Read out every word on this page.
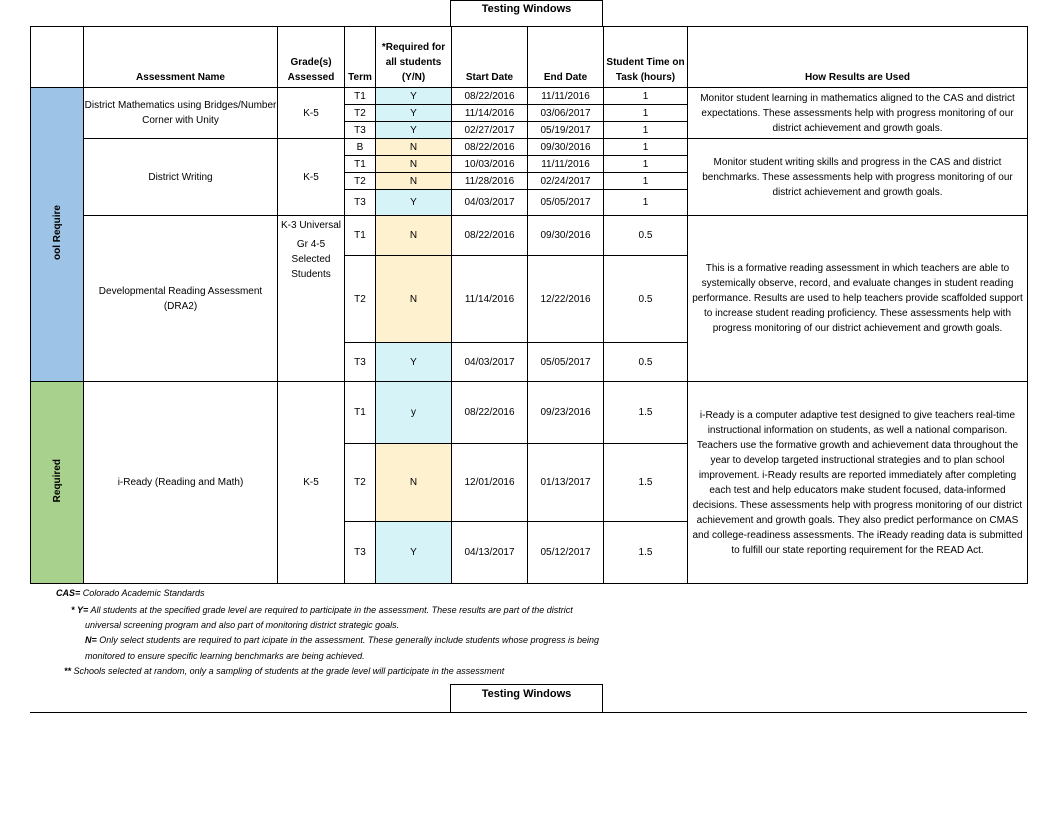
Testing Windows
	Assessment Name	Grade(s) Assessed	Term	*Required for all students (Y/N)	Start Date	End Date	Student Time on Task (hours)	How Results are Used
ool Require	District Mathematics using Bridges/Number Corner with Unity	K-5	T1	Y	08/22/2016	11/11/2016	1	Monitor student learning in mathematics aligned to the CAS and district expectations. These assessments help with progress monitoring of our district achievement and growth goals.

			T2	Y	11/14/2016	03/06/2017	1	
			T3	Y	02/27/2017	05/19/2017	1	
	District Writing	K-5	B	N	08/22/2016	09/30/2016	1	Monitor student writing skills and progress in the CAS and district benchmarks. These assessments help with progress monitoring of our district achievement and growth goals.

			T1	N	10/03/2016	11/11/2016	1	
			T2	N	11/28/2016	02/24/2017	1	
			T3	Y	04/03/2017	05/05/2017	1	
	Developmental Reading Assessment (DRA2)	K-3 Universal
Gr 4-5 Selected Students	T1	N	08/22/2016	09/30/2016	0.5	This is a formative reading assessment in which teachers are able to systemically observe, record, and evaluate changes in student reading performance. Results are used to help teachers provide scaffolded support to increase student reading proficiency. These assessments help with progress monitoring of our district achievement and growth goals.

			T2	N	11/14/2016	12/22/2016	0.5	
			T3	Y	04/03/2017	05/05/2017	0.5	
Required	i-Ready (Reading and Math)	K-5	T1	y	08/22/2016	09/23/2016	1.5	i-Ready is a computer adaptive test designed to give teachers real-time instructional information on students, as well a national comparison. Teachers use the formative growth and achievement data throughout the year to develop targeted instructional strategies and to plan school improvement. i-Ready results are reported immediately after completing each test and help educators make student focused, data-informed decisions. These assessments help with progress monitoring of our district achievement and growth goals. They also predict performance on CMAS and college-readiness assessments. The iReady reading data is submitted to fulfill our state reporting requirement for the READ Act.

			T2	N	12/01/2016	01/13/2017	1.5	
			T3	Y	04/13/2017	05/12/2017	1.5	
CAS= Colorado Academic Standards
* Y= All students at the specified grade level are required to participate in the assessment. These results are part of the district
universal screening program and also part of monitoring district strategic goals.
N= Only select students are required to part icipate in the assessment. These generally include students whose progress is being
monitored to ensure specific learning benchmarks are being achieved.
** Schools selected at random, only a sampling of students at the grade level will participate in the assessment
Testing Windows
